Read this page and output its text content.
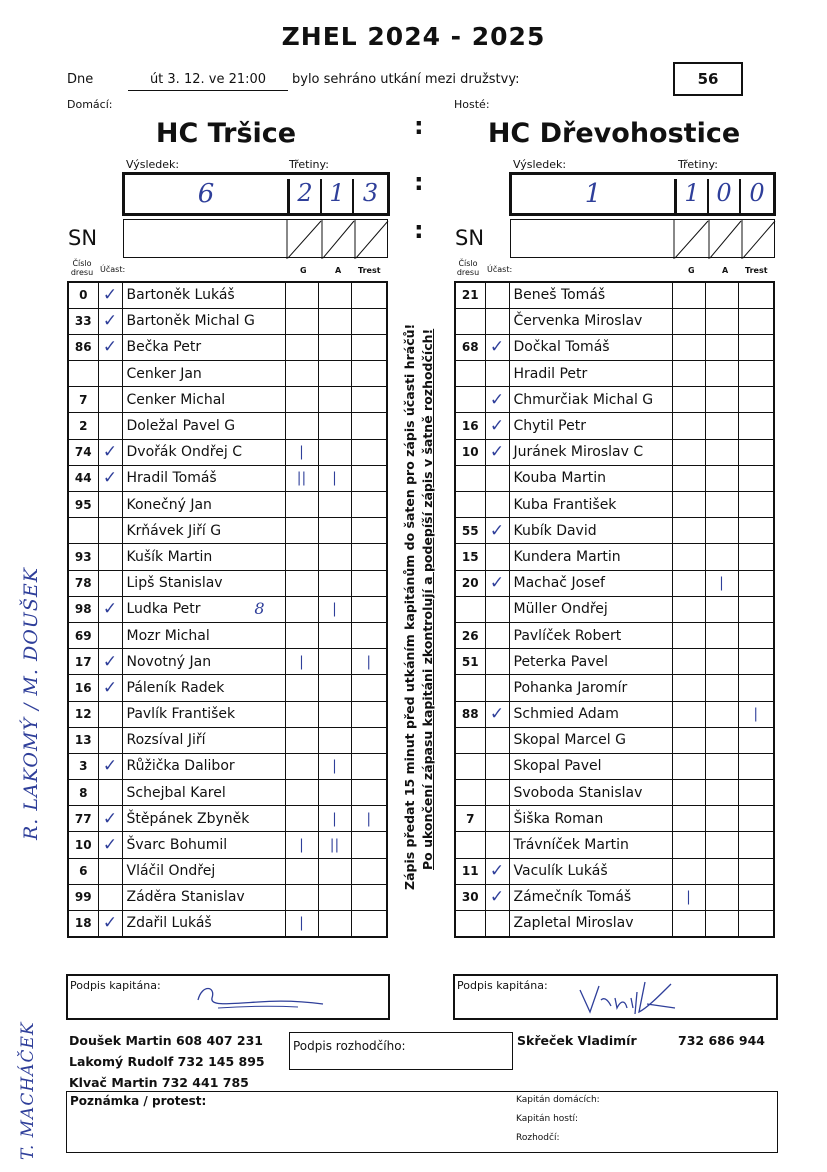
ZHEL 2024 - 2025
Dne	út 3. 12. ve 21:00	bylo sehráno utkání mezi družstvy:	56
Domácí:	Hosté:
HC Tršice	HC Dřevohostice
:
:
:
Výsledek:	Třetiny:
6	2 1 3
Výsledek:	Třetiny:
1	1 0 0
SN	SN
Číslo dresu Účast:	G	A Trest
Číslo dresu Účast:	G	A Trest
0	✓	Bartoněk Lukáš			
33	✓	Bartoněk Michal G			
86	✓	Bečka Petr			
		Cenker Jan			
7		Cenker Michal			
2		Doležal Pavel G			
74	✓	Dvořák Ondřej C	|		
44	✓	Hradil Tomáš	||	|	
95		Konečný Jan			
		Krňávek Jiří G			
93		Kušík Martin			
78		Lipš Stanislav			
98	✓	Ludka Petr 8		|	
69		Mozr Michal			
17	✓	Novotný Jan	|		|
16	✓	Páleník Radek			
12		Pavlík František			
13		Rozsíval Jiří			
3	✓	Růžička Dalibor		|	
8		Schejbal Karel			
77	✓	Štěpánek Zbyněk		|	|
10	✓	Švarc Bohumil	|	||	
6		Vláčil Ondřej			
99		Záděra Stanislav			
18	✓	Zdařil Lukáš	|		
21		Beneš Tomáš			
		Červenka Miroslav			
68	✓	Dočkal Tomáš			
		Hradil Petr			
	✓	Chmurčiak Michal G			
16	✓	Chytil Petr			
10	✓	Juránek Miroslav C			
		Kouba Martin			
		Kuba František			
55	✓	Kubík David			
15		Kundera Martin			
20	✓	Machač Josef		|	
		Müller Ondřej			
26		Pavlíček Robert			
51		Peterka Pavel			
		Pohanka Jaromír			
88	✓	Schmied Adam			|
		Skopal Marcel G			
		Skopal Pavel			
		Svoboda Stanislav			
7		Šiška Roman			
		Trávníček Martin			
11	✓	Vaculík Lukáš			
30	✓	Zámečník Tomáš	|		
		Zapletal Miroslav			
Zápis předat 15 minut před utkáním kapitánům do šaten pro zápis účasti hráčů! Po ukončení zápasu kapitáni zkontrolují a podepíší zápis v šatně rozhodčích!
R. LAKOMÝ / M. DOUŠEK
T. MACHÁČEK
Podpis kapitána:	Podpis kapitána:
Doušek Martin 608 407 231
Lakomý Rudolf 732 145 895
Klvač Martin 732 441 785
Podpis rozhodčího:	Skřeček Vladimír	732 686 944
Poznámka / protest:	Kapitán domácích:
Kapitán hostí:
Rozhodčí:
